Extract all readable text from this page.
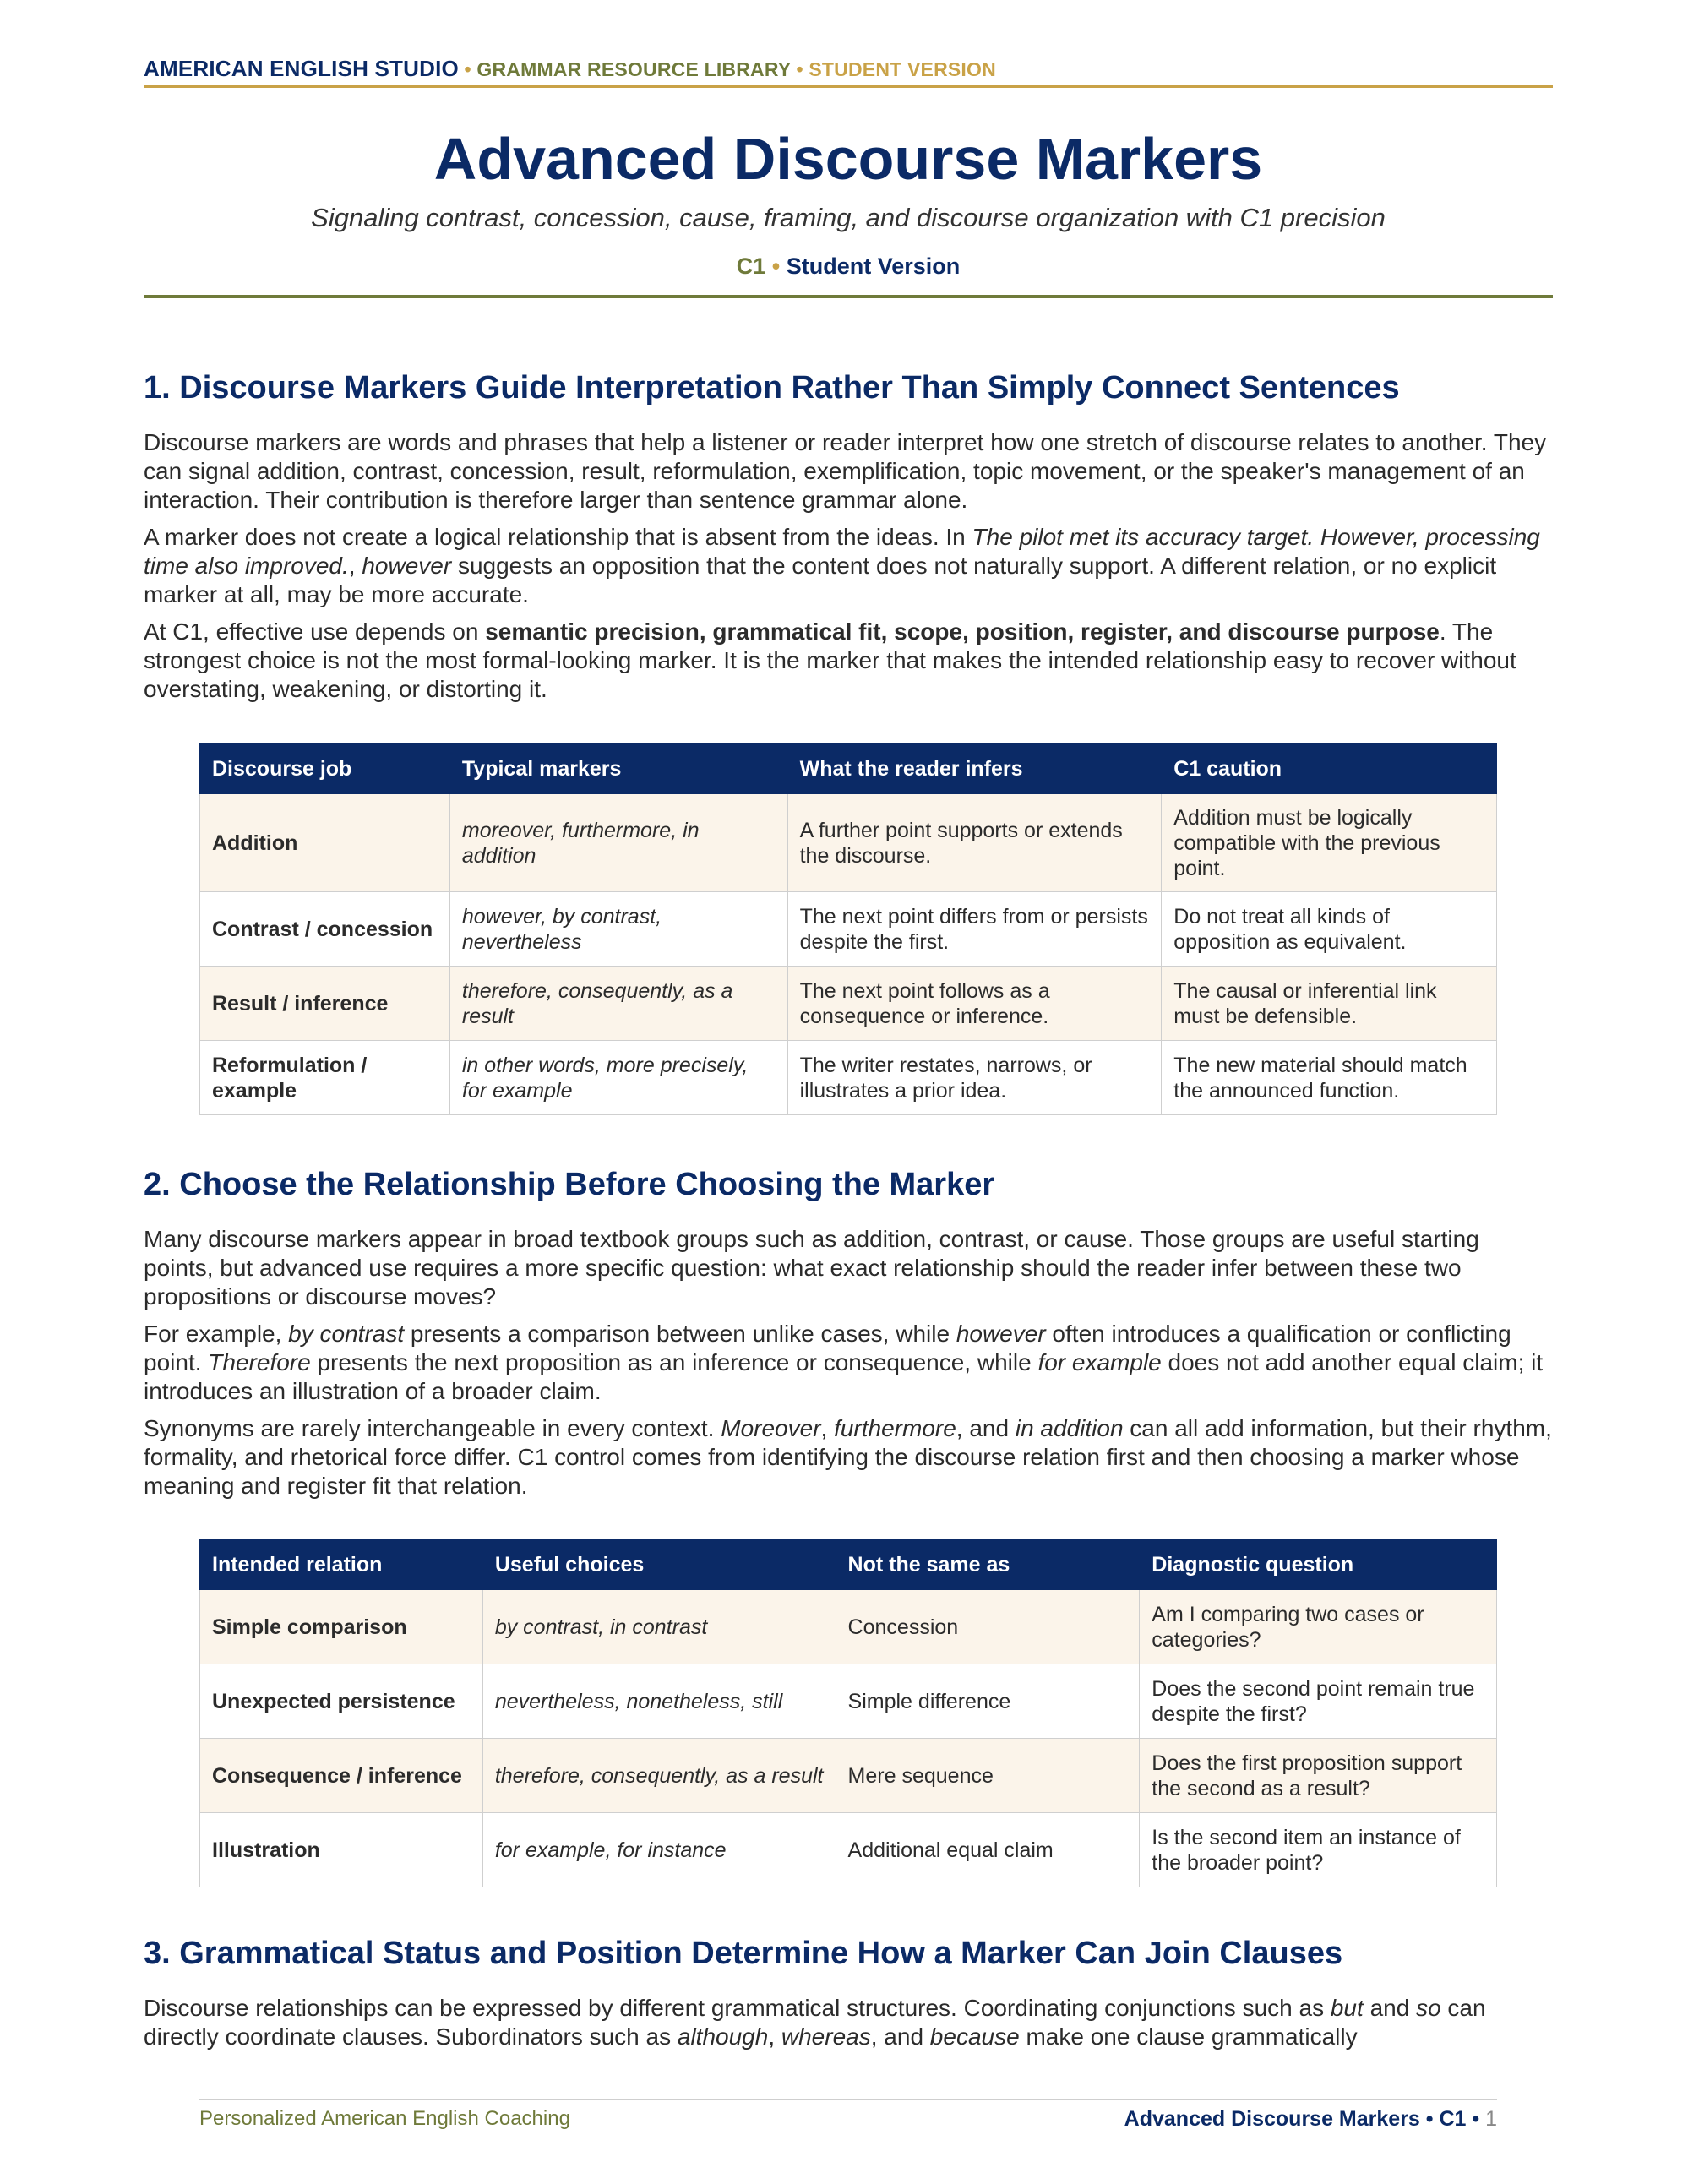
AMERICAN ENGLISH STUDIO • GRAMMAR RESOURCE LIBRARY • STUDENT VERSION
Advanced Discourse Markers
Signaling contrast, concession, cause, framing, and discourse organization with C1 precision
C1 • Student Version
1. Discourse Markers Guide Interpretation Rather Than Simply Connect Sentences

Discourse markers are words and phrases that help a listener or reader interpret how one stretch of discourse relates to another. They can signal addition, contrast, concession, result, reformulation, exemplification, topic movement, or the speaker's management of an interaction. Their contribution is therefore larger than sentence grammar alone.

A marker does not create a logical relationship that is absent from the ideas. In The pilot met its accuracy target. However, processing time also improved., however suggests an opposition that the content does not naturally support. A different relation, or no explicit marker at all, may be more accurate.

At C1, effective use depends on semantic precision, grammatical fit, scope, position, register, and discourse purpose. The strongest choice is not the most formal-looking marker. It is the marker that makes the intended relationship easy to recover without overstating, weakening, or distorting it.

Discourse job	Typical markers	What the reader infers	C1 caution
Addition	moreover, furthermore, in addition	A further point supports or extends the discourse.	Addition must be logically compatible with the previous point.
Contrast / concession	however, by contrast, nevertheless	The next point differs from or persists despite the first.	Do not treat all kinds of opposition as equivalent.
Result / inference	therefore, consequently, as a result	The next point follows as a consequence or inference.	The causal or inferential link must be defensible.
Reformulation / example	in other words, more precisely, for example	The writer restates, narrows, or illustrates a prior idea.	The new material should match the announced function.
2. Choose the Relationship Before Choosing the Marker

Many discourse markers appear in broad textbook groups such as addition, contrast, or cause. Those groups are useful starting points, but advanced use requires a more specific question: what exact relationship should the reader infer between these two propositions or discourse moves?

For example, by contrast presents a comparison between unlike cases, while however often introduces a qualification or conflicting point. Therefore presents the next proposition as an inference or consequence, while for example does not add another equal claim; it introduces an illustration of a broader claim.

Synonyms are rarely interchangeable in every context. Moreover, furthermore, and in addition can all add information, but their rhythm, formality, and rhetorical force differ. C1 control comes from identifying the discourse relation first and then choosing a marker whose meaning and register fit that relation.

Intended relation	Useful choices	Not the same as	Diagnostic question
Simple comparison	by contrast, in contrast	Concession	Am I comparing two cases or categories?
Unexpected persistence	nevertheless, nonetheless, still	Simple difference	Does the second point remain true despite the first?
Consequence / inference	therefore, consequently, as a result	Mere sequence	Does the first proposition support the second as a result?
Illustration	for example, for instance	Additional equal claim	Is the second item an instance of the broader point?
3. Grammatical Status and Position Determine How a Marker Can Join Clauses

Discourse relationships can be expressed by different grammatical structures. Coordinating conjunctions such as but and so can directly coordinate clauses. Subordinators such as although, whereas, and because make one clause grammatically

Personalized American English Coaching	Advanced Discourse Markers • C1 • 1
